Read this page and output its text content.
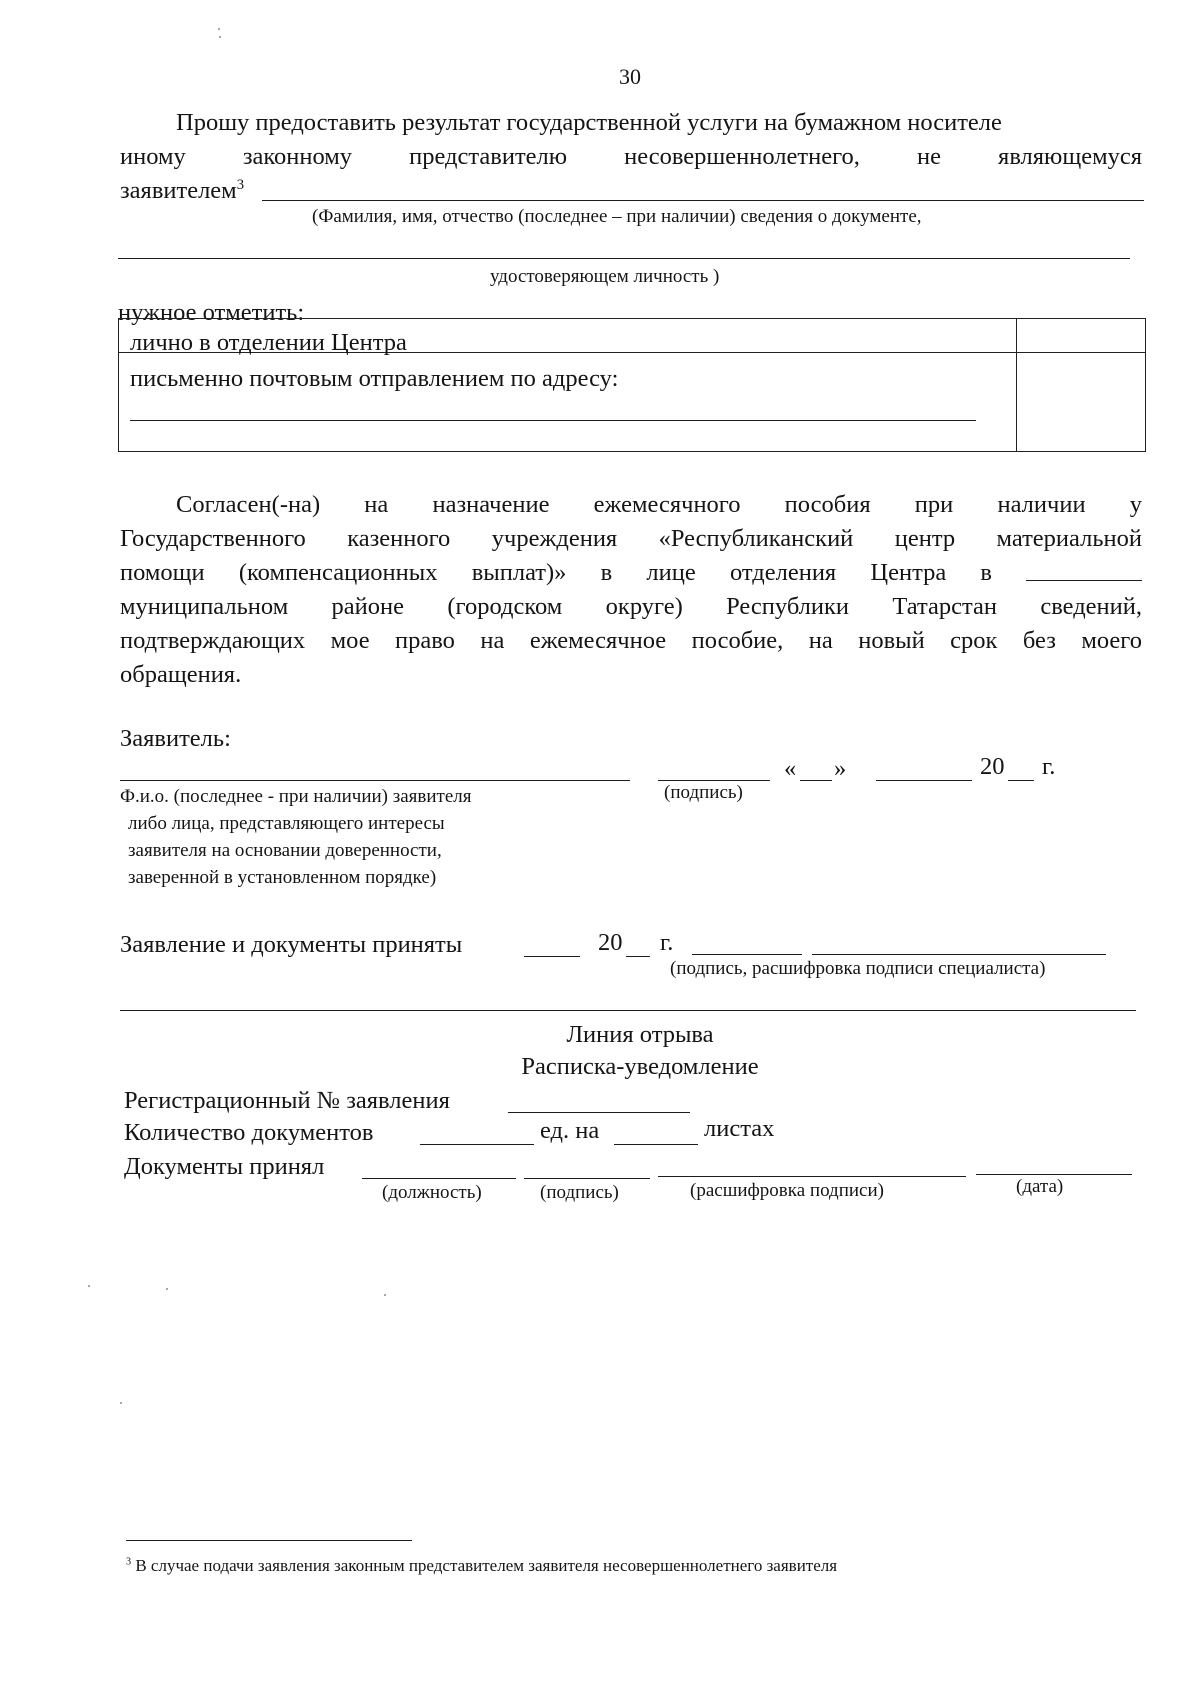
30
Прошу предоставить результат государственной услуги на бумажном носителе
иному законному представителю несовершеннолетнего, не являющемуся
заявителем$^3$
(Фамилия, имя, отчество (последнее – при наличии) сведения о документе,
удостоверяющем личность )
нужное отметить:
лично в отделении Центра
письменно почтовым отправлением по адресу:
Согласен(-на) на назначение ежемесячного пособия при наличии у
Государственного казенного учреждения «Республиканский центр материальной
помощи (компенсационных выплат)» в лице отделения Центра в
муниципальном районе (городском округе) Республики Татарстан сведений,
подтверждающих мое право на ежемесячное пособие, на новый срок без моего
обращения.
Заявитель:
« »	20 г.
Ф.и.о. (последнее - при наличии) заявителя
либо лица, представляющего интересы
заявителя на основании доверенности,
заверенной в установленном порядке)
(подпись)
Заявление и документы приняты	20 г.
(подпись, расшифровка подписи специалиста)
Линия отрыва
Расписка-уведомление
Регистрационный № заявления
Количество документов	ед. на	листах
Документы принял
(должность)	(подпись)	(расшифровка подписи)	(дата)
$^3$ В случае подачи заявления законным представителем заявителя несовершеннолетнего заявителя
